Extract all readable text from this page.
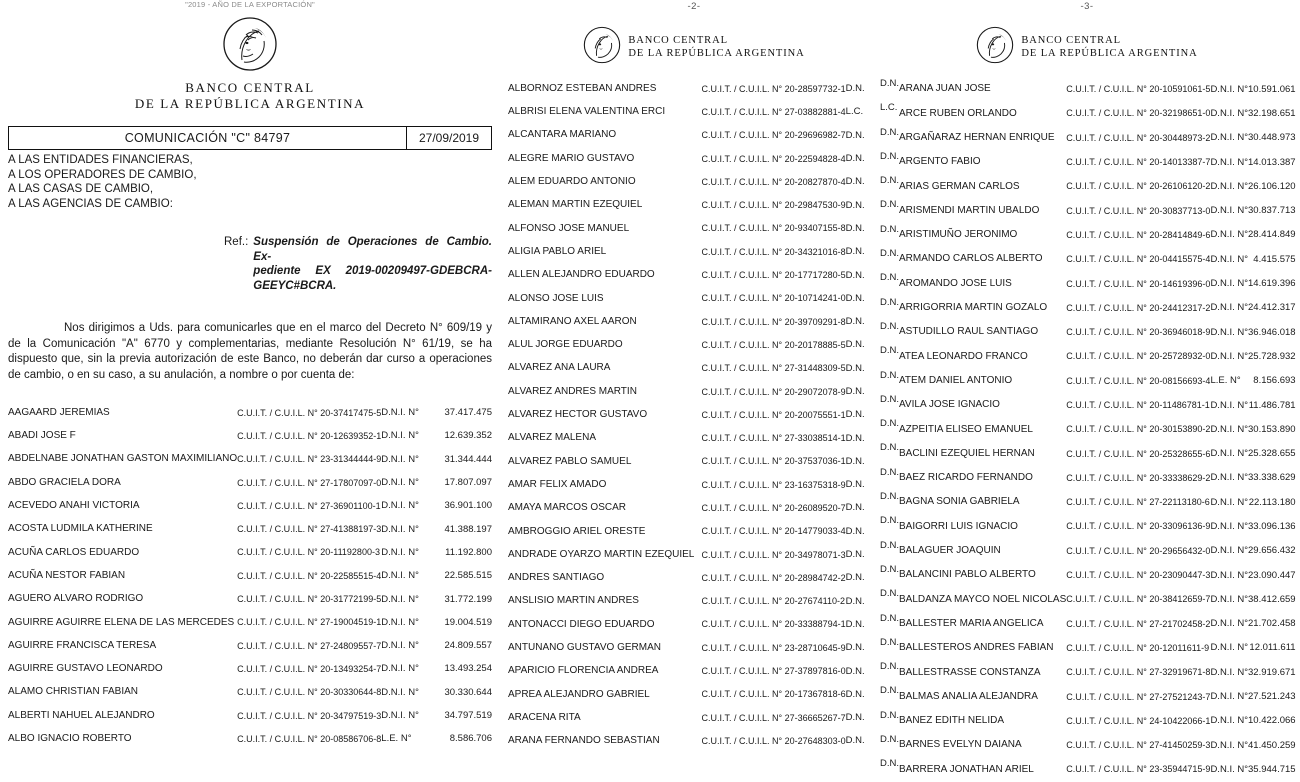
"2019 - AÑO DE LA EXPORTACIÓN"
BANCO CENTRAL
DE LA REPÚBLICA ARGENTINA
COMUNICACIÓN "C" 84797	27/09/2019
A LAS ENTIDADES FINANCIERAS,
A LOS OPERADORES DE CAMBIO,
A LAS CASAS DE CAMBIO,
A LAS AGENCIAS DE CAMBIO:
Ref.: Suspensión de Operaciones de Cambio. Ex-
pediente EX 2019-00209497-GDEBCRA-
GEEYC#BCRA.
Nos dirigimos a Uds. para comunicarles que en el marco del Decreto N° 609/19 y de la Comunicación "A" 6770 y complementarias, mediante Resolución N° 61/19, se ha dispuesto que, sin la previa autorización de este Banco, no deberán dar curso a operaciones de cambio, o en su caso, a su anulación, a nombre o por cuenta de:
AAGAARD JEREMIAS	C.U.I.T. / C.U.I.L. N° 20-37417475-5	D.N.I. N°	37.417.475
ABADI JOSE F	C.U.I.T. / C.U.I.L. N° 20-12639352-1	D.N.I. N°	12.639.352
ABDELNABE JONATHAN GASTON MAXIMILIANO	C.U.I.T. / C.U.I.L. N° 23-31344444-9	D.N.I. N°	31.344.444
ABDO GRACIELA DORA	C.U.I.T. / C.U.I.L. N° 27-17807097-0	D.N.I. N°	17.807.097
ACEVEDO ANAHI VICTORIA	C.U.I.T. / C.U.I.L. N° 27-36901100-1	D.N.I. N°	36.901.100
ACOSTA LUDMILA KATHERINE	C.U.I.T. / C.U.I.L. N° 27-41388197-3	D.N.I. N°	41.388.197
ACUÑA CARLOS EDUARDO	C.U.I.T. / C.U.I.L. N° 20-11192800-3	D.N.I. N°	11.192.800
ACUÑA NESTOR FABIAN	C.U.I.T. / C.U.I.L. N° 20-22585515-4	D.N.I. N°	22.585.515
AGUERO ALVARO RODRIGO	C.U.I.T. / C.U.I.L. N° 20-31772199-5	D.N.I. N°	31.772.199
AGUIRRE AGUIRRE ELENA DE LAS MERCEDES	C.U.I.T. / C.U.I.L. N° 27-19004519-1	D.N.I. N°	19.004.519
AGUIRRE FRANCISCA TERESA	C.U.I.T. / C.U.I.L. N° 27-24809557-7	D.N.I. N°	24.809.557
AGUIRRE GUSTAVO LEONARDO	C.U.I.T. / C.U.I.L. N° 20-13493254-7	D.N.I. N°	13.493.254
ALAMO CHRISTIAN FABIAN	C.U.I.T. / C.U.I.L. N° 20-30330644-8	D.N.I. N°	30.330.644
ALBERTI NAHUEL ALEJANDRO	C.U.I.T. / C.U.I.L. N° 20-34797519-3	D.N.I. N°	34.797.519
ALBO IGNACIO ROBERTO	C.U.I.T. / C.U.I.L. N° 20-08586706-8	L.E. N°	8.586.706
-2-
BANCO CENTRAL
DE LA REPÚBLICA ARGENTINA
ALBORNOZ ESTEBAN ANDRES	C.U.I.T. / C.U.I.L. N° 20-28597732-1	D.N.	
ALBRISI ELENA VALENTINA ERCI	C.U.I.T. / C.U.I.L. N° 27-03882881-4	L.C.	
ALCANTARA MARIANO	C.U.I.T. / C.U.I.L. N° 20-29696982-7	D.N.	
ALEGRE MARIO GUSTAVO	C.U.I.T. / C.U.I.L. N° 20-22594828-4	D.N.	
ALEM EDUARDO ANTONIO	C.U.I.T. / C.U.I.L. N° 20-20827870-4	D.N.	
ALEMAN MARTIN EZEQUIEL	C.U.I.T. / C.U.I.L. N° 20-29847530-9	D.N.	
ALFONSO JOSE MANUEL	C.U.I.T. / C.U.I.L. N° 20-93407155-8	D.N.	
ALIGIA PABLO ARIEL	C.U.I.T. / C.U.I.L. N° 20-34321016-8	D.N.	
ALLEN ALEJANDRO EDUARDO	C.U.I.T. / C.U.I.L. N° 20-17717280-5	D.N.	
ALONSO JOSE LUIS	C.U.I.T. / C.U.I.L. N° 20-10714241-0	D.N.	
ALTAMIRANO AXEL AARON	C.U.I.T. / C.U.I.L. N° 20-39709291-8	D.N.	
ALUL JORGE EDUARDO	C.U.I.T. / C.U.I.L. N° 20-20178885-5	D.N.	
ALVAREZ ANA LAURA	C.U.I.T. / C.U.I.L. N° 27-31448309-5	D.N.	
ALVAREZ ANDRES MARTIN	C.U.I.T. / C.U.I.L. N° 20-29072078-9	D.N.	
ALVAREZ HECTOR GUSTAVO	C.U.I.T. / C.U.I.L. N° 20-20075551-1	D.N.	
ALVAREZ MALENA	C.U.I.T. / C.U.I.L. N° 27-33038514-1	D.N.	
ALVAREZ PABLO SAMUEL	C.U.I.T. / C.U.I.L. N° 20-37537036-1	D.N.	
AMAR FELIX AMADO	C.U.I.T. / C.U.I.L. N° 23-16375318-9	D.N.	
AMAYA MARCOS OSCAR	C.U.I.T. / C.U.I.L. N° 20-26089520-7	D.N.	
AMBROGGIO ARIEL ORESTE	C.U.I.T. / C.U.I.L. N° 20-14779033-4	D.N.	
ANDRADE OYARZO MARTIN EZEQUIEL	C.U.I.T. / C.U.I.L. N° 20-34978071-3	D.N.	
ANDRES SANTIAGO	C.U.I.T. / C.U.I.L. N° 20-28984742-2	D.N.	
ANSLISIO MARTIN ANDRES	C.U.I.T. / C.U.I.L. N° 20-27674110-2	D.N.	
ANTONACCI DIEGO EDUARDO	C.U.I.T. / C.U.I.L. N° 20-33388794-1	D.N.	
ANTUNANO GUSTAVO GERMAN	C.U.I.T. / C.U.I.L. N° 23-28710645-9	D.N.	
APARICIO FLORENCIA ANDREA	C.U.I.T. / C.U.I.L. N° 27-37897816-0	D.N.	
APREA ALEJANDRO GABRIEL	C.U.I.T. / C.U.I.L. N° 20-17367818-6	D.N.	
ARACENA RITA	C.U.I.T. / C.U.I.L. N° 27-36665267-7	D.N.	
ARANA FERNANDO SEBASTIAN	C.U.I.T. / C.U.I.L. N° 20-27648303-0	D.N.	
-3-
BANCO CENTRAL
DE LA REPÚBLICA ARGENTINA
D.N.	ARANA JUAN JOSE	C.U.I.T. / C.U.I.L. N° 20-10591061-5	D.N.I. N°	10.591.061
L.C.	ARCE RUBEN ORLANDO	C.U.I.T. / C.U.I.L. N° 20-32198651-0	D.N.I. N°	32.198.651
D.N.	ARGAÑARAZ HERNAN ENRIQUE	C.U.I.T. / C.U.I.L. N° 20-30448973-2	D.N.I. N°	30.448.973
D.N.	ARGENTO FABIO	C.U.I.T. / C.U.I.L. N° 20-14013387-7	D.N.I. N°	14.013.387
D.N.	ARIAS GERMAN CARLOS	C.U.I.T. / C.U.I.L. N° 20-26106120-2	D.N.I. N°	26.106.120
D.N.	ARISMENDI MARTIN UBALDO	C.U.I.T. / C.U.I.L. N° 20-30837713-0	D.N.I. N°	30.837.713
D.N.	ARISTIMUÑO JERONIMO	C.U.I.T. / C.U.I.L. N° 20-28414849-6	D.N.I. N°	28.414.849
D.N.	ARMANDO CARLOS ALBERTO	C.U.I.T. / C.U.I.L. N° 20-04415575-4	D.N.I. N°	4.415.575
D.N.	AROMANDO JOSE LUIS	C.U.I.T. / C.U.I.L. N° 20-14619396-0	D.N.I. N°	14.619.396
D.N.	ARRIGORRIA MARTIN GOZALO	C.U.I.T. / C.U.I.L. N° 20-24412317-2	D.N.I. N°	24.412.317
D.N.	ASTUDILLO RAUL SANTIAGO	C.U.I.T. / C.U.I.L. N° 20-36946018-9	D.N.I. N°	36.946.018
D.N.	ATEA LEONARDO FRANCO	C.U.I.T. / C.U.I.L. N° 20-25728932-0	D.N.I. N°	25.728.932
D.N.	ATEM DANIEL ANTONIO	C.U.I.T. / C.U.I.L. N° 20-08156693-4	L.E. N°	8.156.693
D.N.	AVILA JOSE IGNACIO	C.U.I.T. / C.U.I.L. N° 20-11486781-1	D.N.I. N°	11.486.781
D.N.	AZPEITIA ELISEO EMANUEL	C.U.I.T. / C.U.I.L. N° 20-30153890-2	D.N.I. N°	30.153.890
D.N.	BACLINI EZEQUIEL HERNAN	C.U.I.T. / C.U.I.L. N° 20-25328655-6	D.N.I. N°	25.328.655
D.N.	BAEZ RICARDO FERNANDO	C.U.I.T. / C.U.I.L. N° 20-33338629-2	D.N.I. N°	33.338.629
D.N.	BAGNA SONIA GABRIELA	C.U.I.T. / C.U.I.L. N° 27-22113180-6	D.N.I. N°	22.113.180
D.N.	BAIGORRI LUIS IGNACIO	C.U.I.T. / C.U.I.L. N° 20-33096136-9	D.N.I. N°	33.096.136
D.N.	BALAGUER JOAQUIN	C.U.I.T. / C.U.I.L. N° 20-29656432-0	D.N.I. N°	29.656.432
D.N.	BALANCINI PABLO ALBERTO	C.U.I.T. / C.U.I.L. N° 20-23090447-3	D.N.I. N°	23.090.447
D.N.	BALDANZA MAYCO NOEL NICOLAS	C.U.I.T. / C.U.I.L. N° 20-38412659-7	D.N.I. N°	38.412.659
D.N.	BALLESTER MARIA ANGELICA	C.U.I.T. / C.U.I.L. N° 27-21702458-2	D.N.I. N°	21.702.458
D.N.	BALLESTEROS ANDRES FABIAN	C.U.I.T. / C.U.I.L. N° 20-12011611-9	D.N.I. N°	12.011.611
D.N.	BALLESTRASSE CONSTANZA	C.U.I.T. / C.U.I.L. N° 27-32919671-8	D.N.I. N°	32.919.671
D.N.	BALMAS ANALIA ALEJANDRA	C.U.I.T. / C.U.I.L. N° 27-27521243-7	D.N.I. N°	27.521.243
D.N.	BANEZ EDITH NELIDA	C.U.I.T. / C.U.I.L. N° 24-10422066-1	D.N.I. N°	10.422.066
D.N.	BARNES EVELYN DAIANA	C.U.I.T. / C.U.I.L. N° 27-41450259-3	D.N.I. N°	41.450.259
D.N.	BARRERA JONATHAN ARIEL	C.U.I.T. / C.U.I.L. N° 23-35944715-9	D.N.I. N°	35.944.715
